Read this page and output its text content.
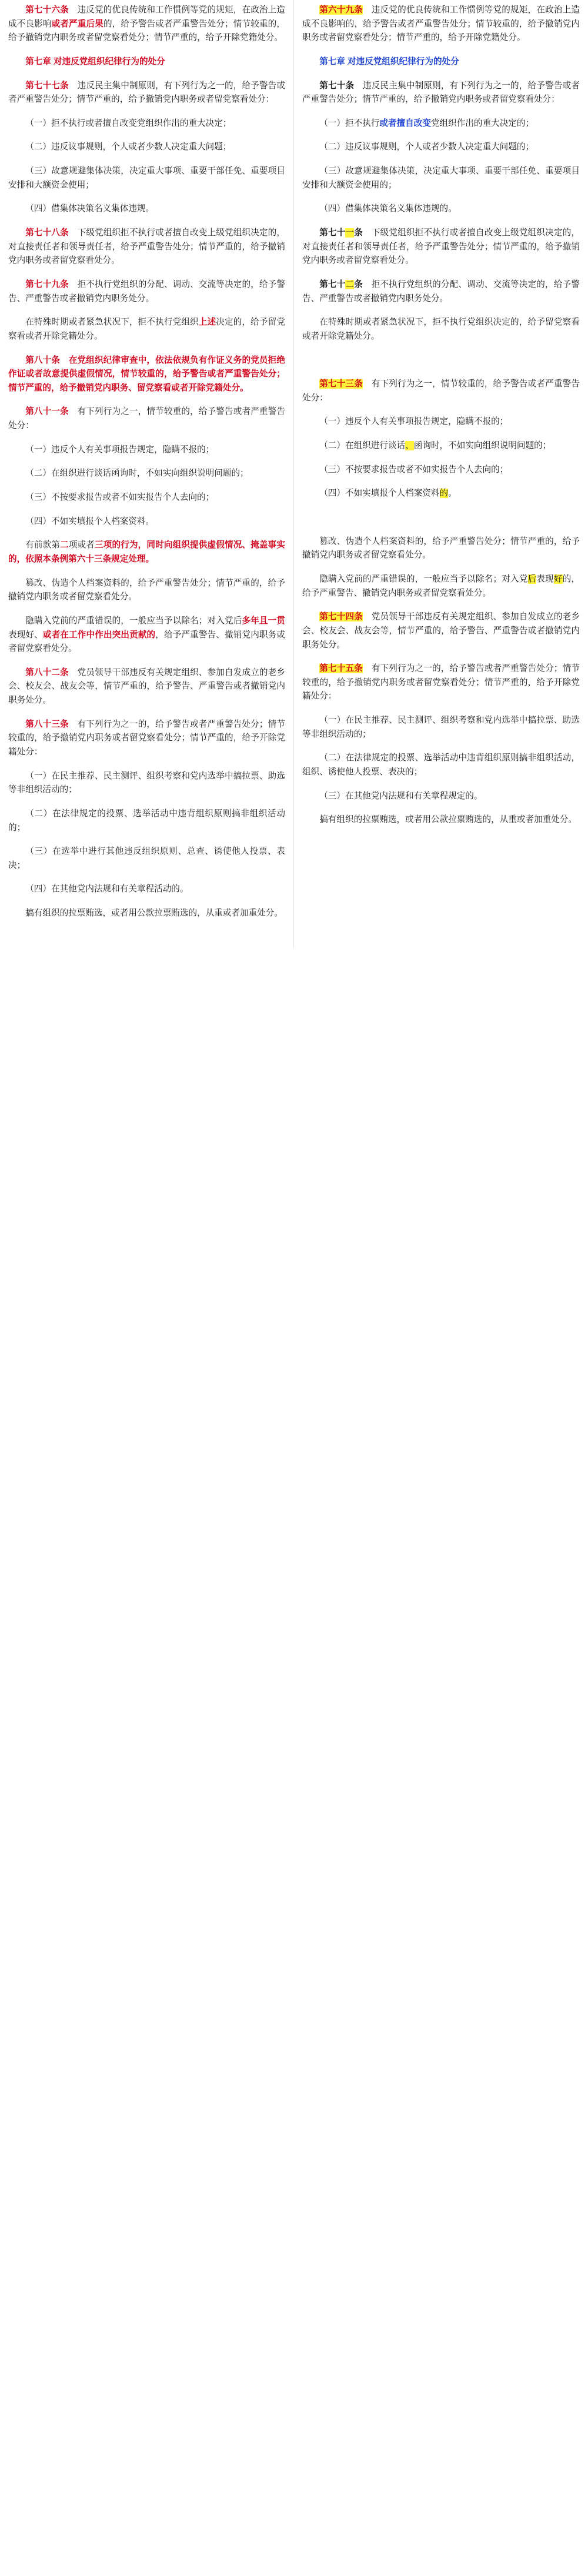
第七十六条　违反党的优良传统和工作惯例等党的规矩，在政治上造成不良影响或者严重后果的，给予警告或者严重警告处分；情节较重的，给予撤销党内职务或者留党察看处分；情节严重的，给予开除党籍处分。

第七章 对违反党组织纪律行为的处分

第七十七条　违反民主集中制原则，有下列行为之一的，给予警告或者严重警告处分；情节严重的，给予撤销党内职务或者留党察看处分：

（一）拒不执行或者擅自改变党组织作出的重大决定；

（二）违反议事规则，个人或者少数人决定重大问题；

（三）故意规避集体决策，决定重大事项、重要干部任免、重要项目安排和大额资金使用；

（四）借集体决策名义集体违规。

第七十八条　下级党组织拒不执行或者擅自改变上级党组织决定的，对直接责任者和领导责任者，给予严重警告处分；情节严重的，给予撤销党内职务或者留党察看处分。

第七十九条　拒不执行党组织的分配、调动、交流等决定的，给予警告、严重警告或者撤销党内职务处分。

在特殊时期或者紧急状况下，拒不执行党组织上述决定的，给予留党察看或者开除党籍处分。

第八十条　在党组织纪律审查中，依法依规负有作证义务的党员拒绝作证或者故意提供虚假情况，情节较重的，给予警告或者严重警告处分；情节严重的，给予撤销党内职务、留党察看或者开除党籍处分。

第八十一条　有下列行为之一，情节较重的，给予警告或者严重警告处分：

（一）违反个人有关事项报告规定，隐瞒不报的；

（二）在组织进行谈话函询时，不如实向组织说明问题的；

（三）不按要求报告或者不如实报告个人去向的；

（四）不如实填报个人档案资料。

有前款第二项或者三项的行为，同时向组织提供虚假情况、掩盖事实的，依照本条例第六十三条规定处理。

篡改、伪造个人档案资料的，给予严重警告处分；情节严重的，给予撤销党内职务或者留党察看处分。

隐瞒入党前的严重错误的，一般应当予以除名；对入党后多年且一贯表现好、或者在工作中作出突出贡献的，给予严重警告、撤销党内职务或者留党察看处分。

第八十二条　党员领导干部违反有关规定组织、参加自发成立的老乡会、校友会、战友会等，情节严重的，给予警告、严重警告或者撤销党内职务处分。

第八十三条　有下列行为之一的，给予警告或者严重警告处分；情节较重的，给予撤销党内职务或者留党察看处分；情节严重的，给予开除党籍处分：

（一）在民主推荐、民主测评、组织考察和党内选举中搞拉票、助选等非组织活动的；

（二）在法律规定的投票、选举活动中违背组织原则搞非组织活动的；

（三）在选举中进行其他违反组织原则、总查、诱使他人投票、表决；

（四）在其他党内法规和有关章程活动的。

搞有组织的拉票贿选，或者用公款拉票贿选的，从重或者加重处分。

第六十九条　违反党的优良传统和工作惯例等党的规矩，在政治上造成不良影响的，给予警告或者严重警告处分；情节较重的，给予撤销党内职务或者留党察看处分；情节严重的，给予开除党籍处分。

第七章 对违反党组织纪律行为的处分

第七十条　违反民主集中制原则，有下列行为之一的，给予警告或者严重警告处分；情节严重的，给予撤销党内职务或者留党察看处分：

（一）拒不执行或者擅自改变党组织作出的重大决定的；

（二）违反议事规则，个人或者少数人决定重大问题的；

（三）故意规避集体决策，决定重大事项、重要干部任免、重要项目安排和大额资金使用的；

（四）借集体决策名义集体违规的。

第七十一条　下级党组织拒不执行或者擅自改变上级党组织决定的，对直接责任者和领导责任者，给予严重警告处分；情节严重的，给予撤销党内职务或者留党察看处分。

第七十二条　拒不执行党组织的分配、调动、交流等决定的，给予警告、严重警告或者撤销党内职务处分。

在特殊时期或者紧急状况下，拒不执行党组织决定的，给予留党察看或者开除党籍处分。

第七十三条　有下列行为之一，情节较重的，给予警告或者严重警告处分：

（一）违反个人有关事项报告规定，隐瞒不报的；

（二）在组织进行谈话、函询时，不如实向组织说明问题的；

（三）不按要求报告或者不如实报告个人去向的；

（四）不如实填报个人档案资料的。

篡改、伪造个人档案资料的，给予严重警告处分；情节严重的，给予撤销党内职务或者留党察看处分。

隐瞒入党前的严重错误的，一般应当予以除名；对入党后表现好的，给予严重警告、撤销党内职务或者留党察看处分。

第七十四条　党员领导干部违反有关规定组织、参加自发成立的老乡会、校友会、战友会等，情节严重的，给予警告、严重警告或者撤销党内职务处分。

第七十五条　有下列行为之一的，给予警告或者严重警告处分；情节较重的，给予撤销党内职务或者留党察看处分；情节严重的，给予开除党籍处分：

（一）在民主推荐、民主测评、组织考察和党内选举中搞拉票、助选等非组织活动的；

（二）在法律规定的投票、选举活动中违背组织原则搞非组织活动，组织、诱使他人投票、表决的；

（三）在其他党内法规和有关章程规定的。

搞有组织的拉票贿选，或者用公款拉票贿选的，从重或者加重处分。
